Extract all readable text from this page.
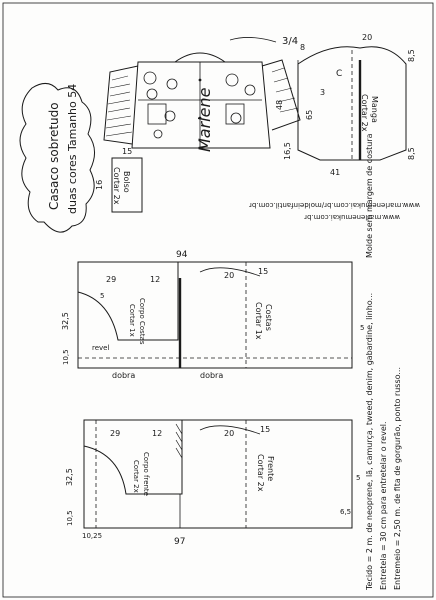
Casaco sobretudo duas cores Tamanho 54	Bolso
Cortar 2x
16
15
3/4
Marlene
C
Manga
Cortar 2x
48
65
16,5
41
20
8,5
8,5
8
3
Molde sem margem de costura
www.marlenemukai.com.br
www.marlenemukai.com.br/moldeinfantil.com.br
Corpo Costas
Cortar 1x	Costas
Cortar 1x
94
29	12
32,5
10,5
5
20	15
5
dobra	dobra
revel
Corpo frente
Cortar 2x	Frente
Cortar 2x
97
32,5
10,5
10,25
29	12	20	15
5
6,5 Tecido = 2 m. de neoprene, lã, camurça, tweed, denim, gabardine, linho... Entretela = 30 cm para entretelar o revel. Entremeio = 2,50 m. de fita de gorgurão, ponto russo...
